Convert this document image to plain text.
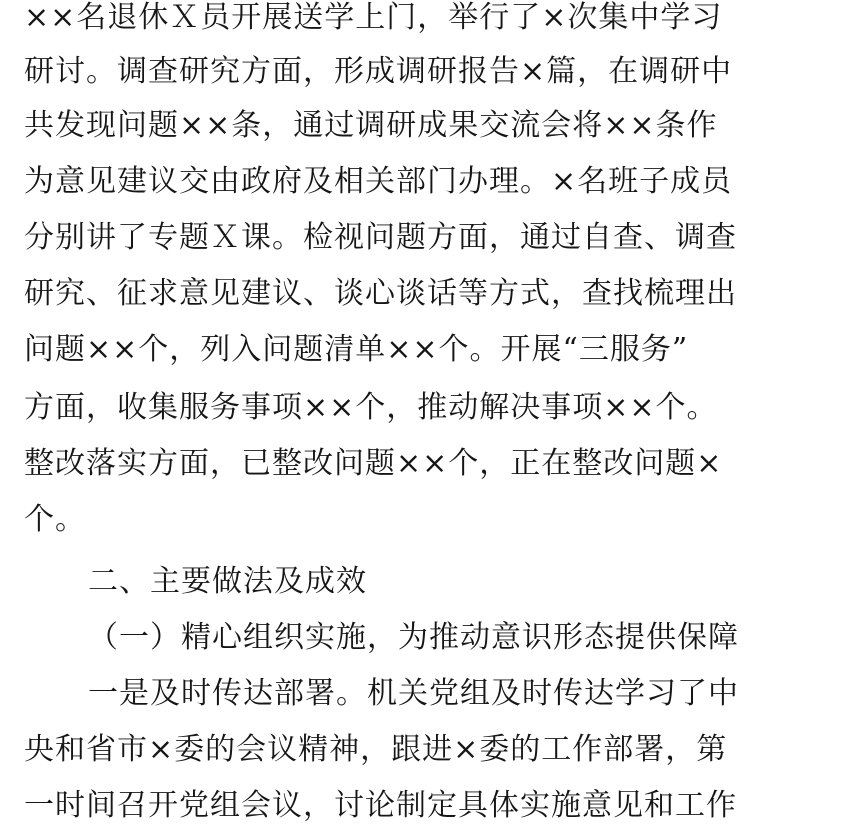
××名退休Ｘ员开展送学上门，举行了×次集中学习
研讨。调查研究方面，形成调研报告×篇，在调研中
共发现问题××条，通过调研成果交流会将××条作
为意见建议交由政府及相关部门办理。×名班子成员
分别讲了专题Ｘ课。检视问题方面，通过自查、调查
研究、征求意见建议、谈心谈话等方式，查找梳理出
问题××个，列入问题清单××个。开展“三服务”
方面，收集服务事项××个，推动解决事项××个。
整改落实方面，已整改问题××个，正在整改问题×
个。
二、主要做法及成效
（一）精心组织实施，为推动意识形态提供保障
一是及时传达部署。机关党组及时传达学习了中
央和省市×委的会议精神，跟进×委的工作部署，第
一时间召开党组会议，讨论制定具体实施意见和工作
